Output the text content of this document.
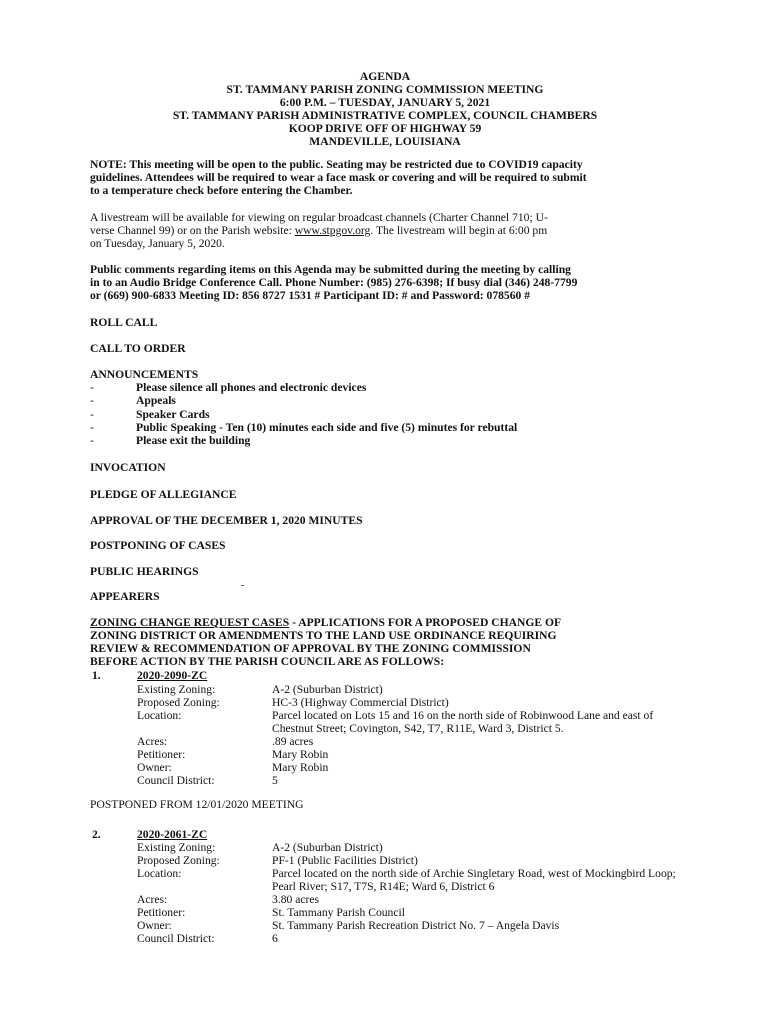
AGENDA
ST. TAMMANY PARISH ZONING COMMISSION MEETING
6:00 P.M. – TUESDAY, JANUARY 5, 2021
ST. TAMMANY PARISH ADMINISTRATIVE COMPLEX, COUNCIL CHAMBERS
KOOP DRIVE OFF OF HIGHWAY 59
MANDEVILLE, LOUISIANA
NOTE: This meeting will be open to the public. Seating may be restricted due to COVID19 capacity
guidelines. Attendees will be required to wear a face mask or covering and will be required to submit
to a temperature check before entering the Chamber.
A livestream will be available for viewing on regular broadcast channels (Charter Channel 710; U-
verse Channel 99) or on the Parish website: www.stpgov.org. The livestream will begin at 6:00 pm
on Tuesday, January 5, 2020.
Public comments regarding items on this Agenda may be submitted during the meeting by calling
in to an Audio Bridge Conference Call. Phone Number: (985) 276-6398; If busy dial (346) 248-7799
or (669) 900-6833 Meeting ID: 856 8727 1531 # Participant ID: # and Password: 078560 #
ROLL CALL
CALL TO ORDER
ANNOUNCEMENTS
-	Please silence all phones and electronic devices
-	Appeals
-	Speaker Cards
-	Public Speaking - Ten (10) minutes each side and five (5) minutes for rebuttal
-	Please exit the building
INVOCATION
PLEDGE OF ALLEGIANCE
APPROVAL OF THE DECEMBER 1, 2020 MINUTES
POSTPONING OF CASES
PUBLIC HEARINGS
APPEARERS
ZONING CHANGE REQUEST CASES - APPLICATIONS FOR A PROPOSED CHANGE OF
ZONING DISTRICT OR AMENDMENTS TO THE LAND USE ORDINANCE REQUIRING
REVIEW & RECOMMENDATION OF APPROVAL BY THE ZONING COMMISSION
BEFORE ACTION BY THE PARISH COUNCIL ARE AS FOLLOWS:
1.	2020-2090-ZC
Existing Zoning:	A-2 (Suburban District)
Proposed Zoning:	HC-3 (Highway Commercial District)
Location:	Parcel located on Lots 15 and 16 on the north side of Robinwood Lane and east of Chestnut Street; Covington, S42, T7, R11E, Ward 3, District 5.
Acres:	.89 acres
Petitioner:	Mary Robin
Owner:	Mary Robin
Council District:	5
POSTPONED FROM 12/01/2020 MEETING
2.	2020-2061-ZC
Existing Zoning:	A-2 (Suburban District)
Proposed Zoning:	PF-1 (Public Facilities District)
Location:	Parcel located on the north side of Archie Singletary Road, west of Mockingbird Loop; Pearl River; S17, T7S, R14E; Ward 6, District 6
Acres:	3.80 acres
Petitioner:	St. Tammany Parish Council
Owner:	St. Tammany Parish Recreation District No. 7 – Angela Davis
Council District:	6
